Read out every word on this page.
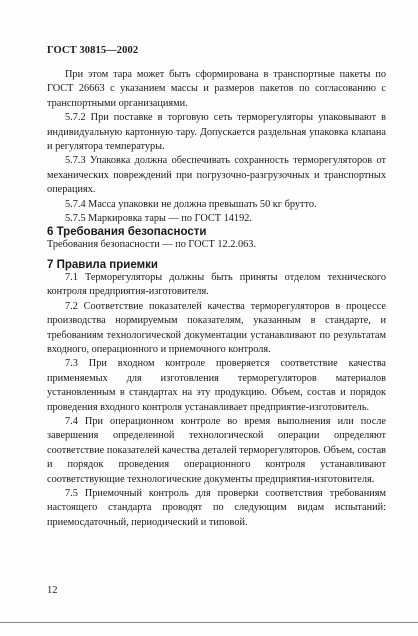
ГОСТ 30815—2002

При этом тара может быть сформирована в транспортные пакеты по ГОСТ 26663 с указанием массы и размеров пакетов по согласованию с транспортными организациями.

5.7.2 При поставке в торговую сеть терморегуляторы упаковывают в индивидуальную картонную тару. Допускается раздельная упаковка клапана и регулятора температуры.

5.7.3 Упаковка должна обеспечивать сохранность терморегуляторов от механических повреждений при погрузочно-разгрузочных и транспортных операциях.

5.7.4 Масса упаковки не должна превышать 50 кг брутто.

5.7.5 Маркировка тары — по ГОСТ 14192.

6 Требования безопасности

Требования безопасности — по ГОСТ 12.2.063.

7 Правила приемки

7.1 Терморегуляторы должны быть приняты отделом технического контроля предприятия-изготовителя.

7.2 Соответствие показателей качества терморегуляторов в процессе производства нормируемым показателям, указанным в стандарте, и требованиям технологической документации устанавливают по результатам входного, операционного и приемочного контроля.

7.3 При входном контроле проверяется соответствие качества применяемых для изготовления терморегуляторов материалов установленным в стандартах на эту продукцию. Объем, состав и порядок проведения входного контроля устанавливает предприятие-изготовитель.

7.4 При операционном контроле во время выполнения или после завершения определенной технологической операции определяют соответствие показателей качества деталей терморегуляторов. Объем, состав и порядок проведения операционного контроля устанавливают соответствующие технологические документы предприятия-изготовителя.

7.5 Приемочный контроль для проверки соответствия требованиям настоящего стандарта проводят по следующим видам испытаний: приемосдаточный, периодический и типовой.

12
